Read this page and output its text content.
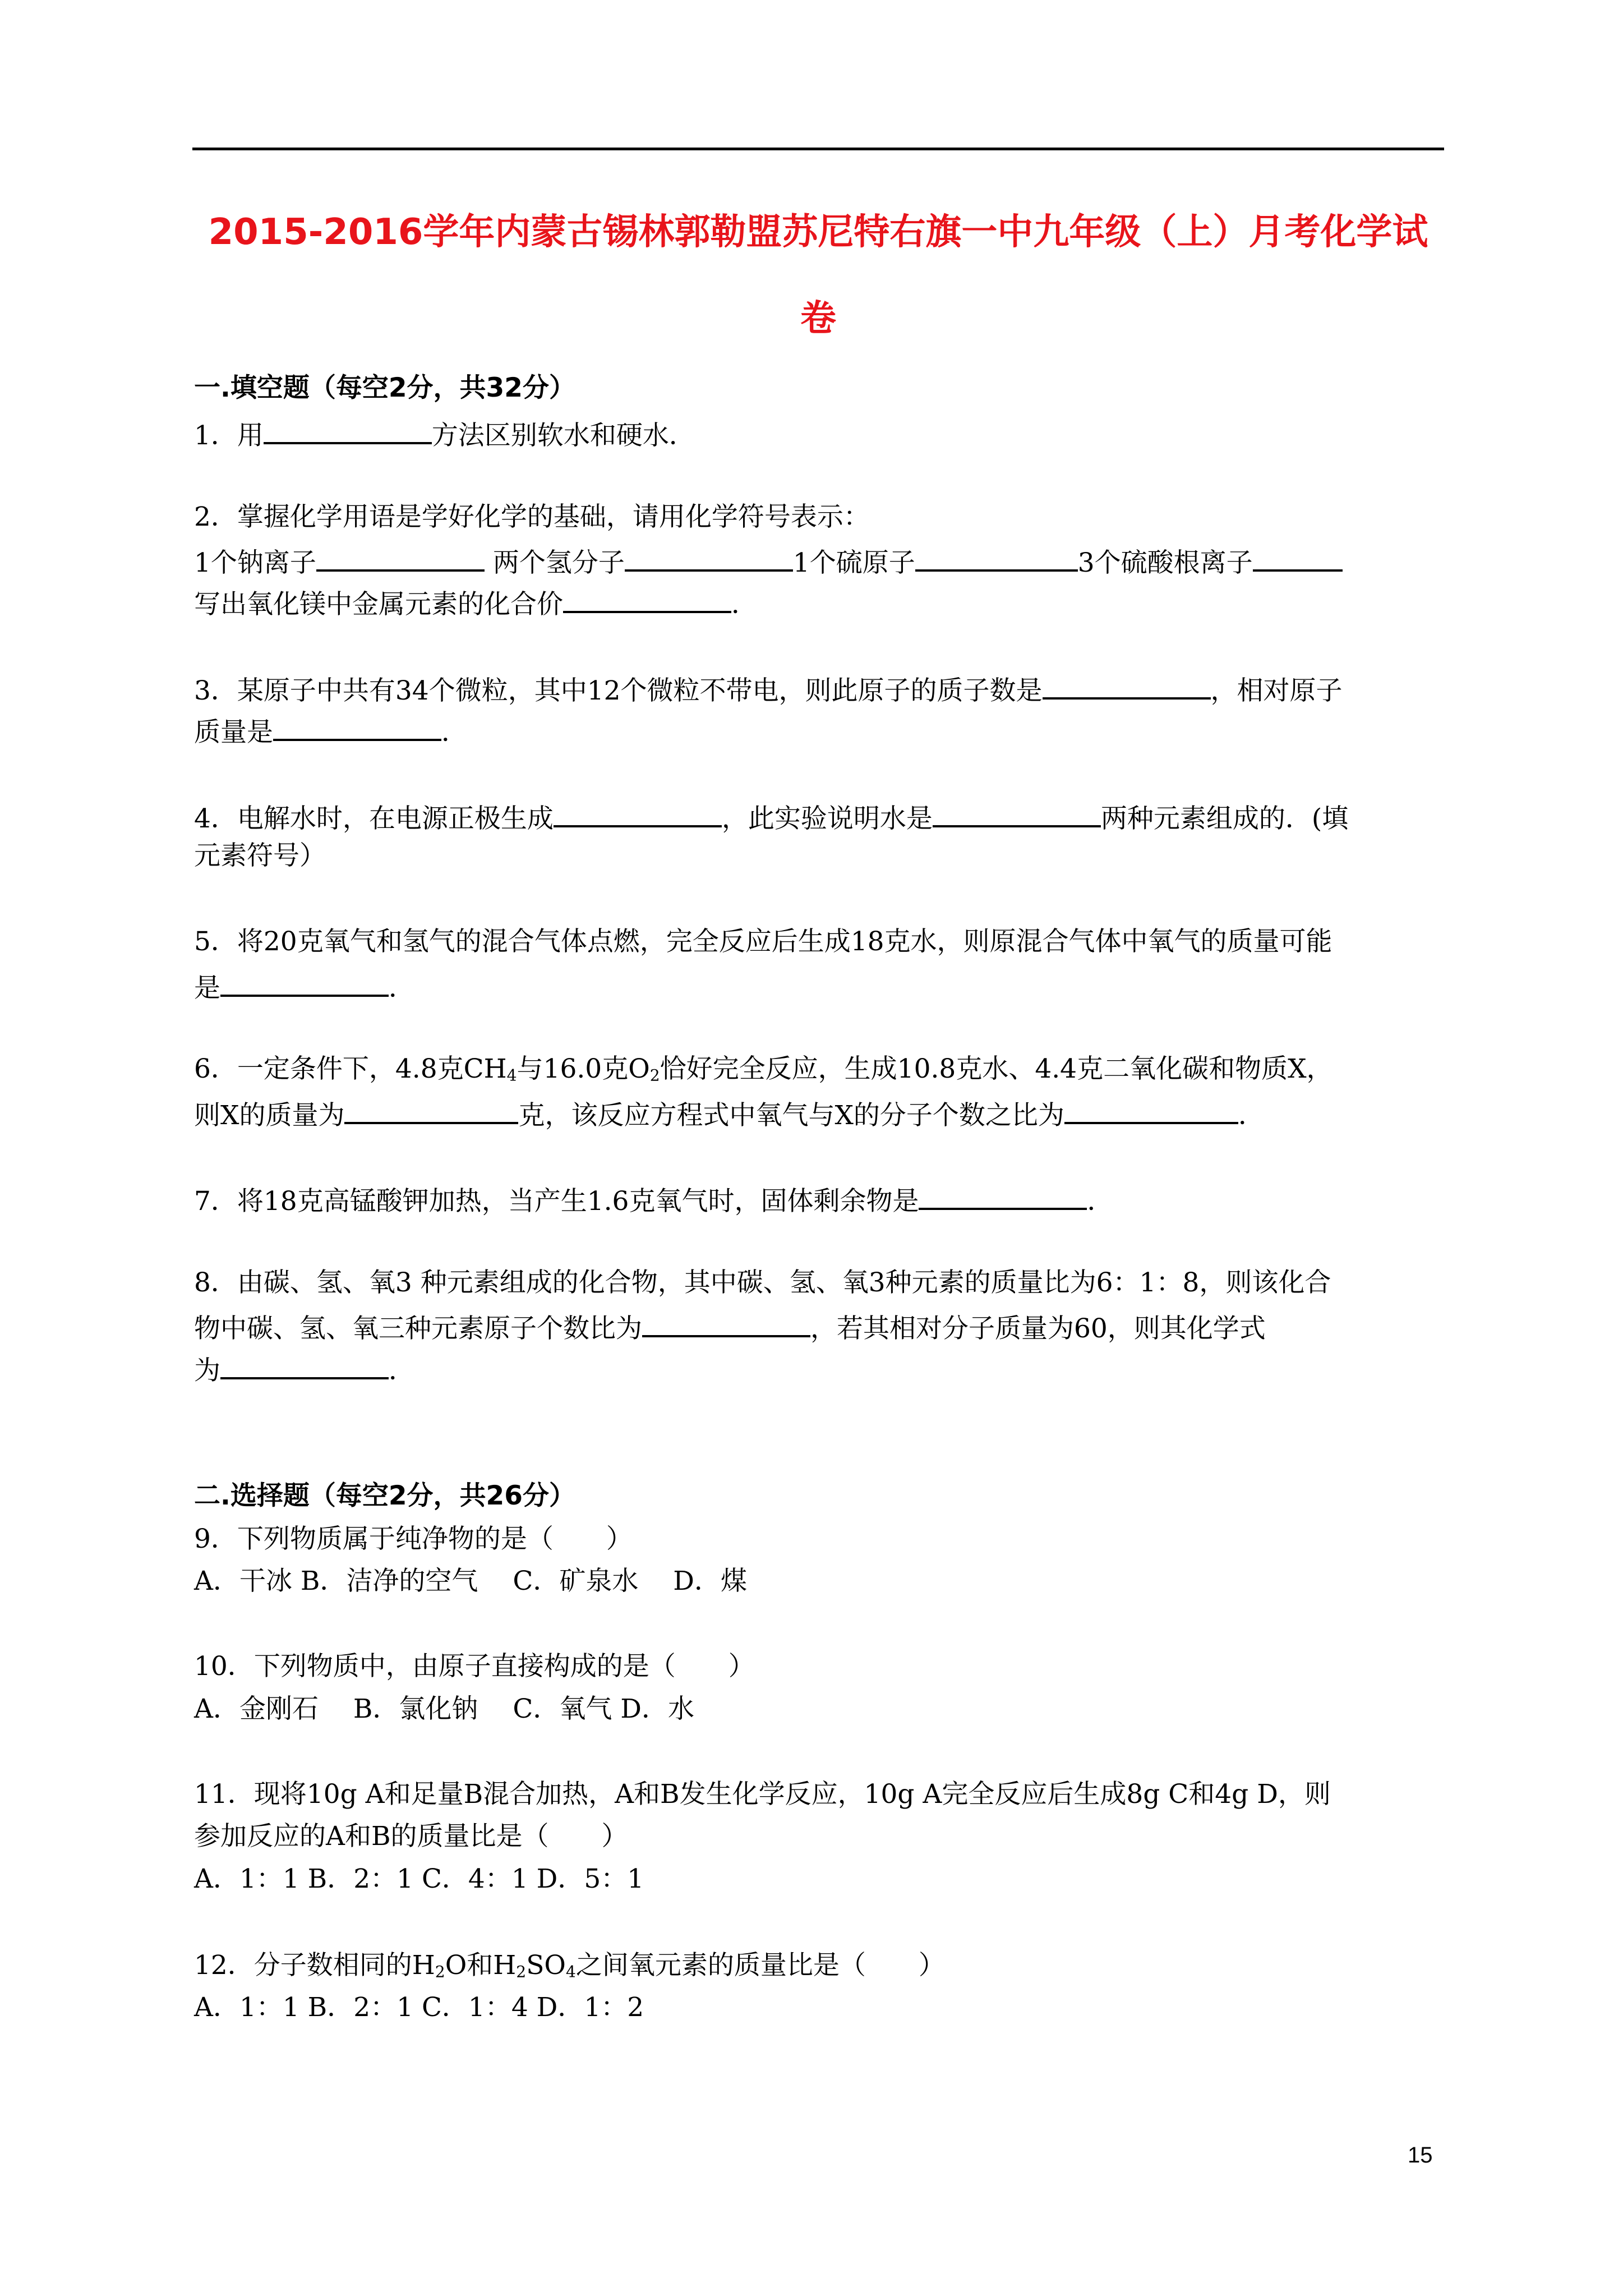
2015-2016学年内蒙古锡林郭勒盟苏尼特右旗一中九年级（上）月考化学试
卷
一.填空题（每空2分，共32分）
1．用	方法区别软水和硬水．
2．掌握化学用语是学好化学的基础，请用化学符号表示：
1个钠离子	两个氢分子	1个硫原子	3个硫酸根离子
写出氧化镁中金属元素的化合价	．
3．某原子中共有34个微粒，其中12个微粒不带电，则此原子的质子数是	，相对原子
质量是	．
4．电解水时，在电源正极生成	，此实验说明水是	两种元素组成的．(填
元素符号）
5．将20克氧气和氢气的混合气体点燃，完全反应后生成18克水，则原混合气体中氧气的质量可能
是	．
6．一定条件下，4.8克$CH_4$与16.0克$O_2$恰好完全反应，生成10.8克水、4.4克二氧化碳和物质X，
则X的质量为	克，该反应方程式中氧气与X的分子个数之比为	．
7．将18克高锰酸钾加热，当产生1.6克氧气时，固体剩余物是	．
8．由碳、氢、氧3 种元素组成的化合物，其中碳、氢、氧3种元素的质量比为6：1：8，则该化合
物中碳、氢、氧三种元素原子个数比为	，若其相对分子质量为60，则其化学式
为	．
二.选择题（每空2分，共26分）
9．下列物质属于纯净物的是（　　）
A．干冰 B．洁净的空气　 C．矿泉水　 D．煤
10．下列物质中，由原子直接构成的是（　　）
A．金刚石　 B．氯化钠　 C．氧气 D．水
11．现将10g A和足量B混合加热，A和B发生化学反应，10g A完全反应后生成8g C和4g D，则
参加反应的A和B的质量比是（　　）
A．1：1 B．2：1 C．4：1 D．5：1
12．分子数相同的$H_2O$和$H_2SO_4$之间氧元素的质量比是（　　）
A．1：1 B．2：1 C．1：4 D．1：2
15
